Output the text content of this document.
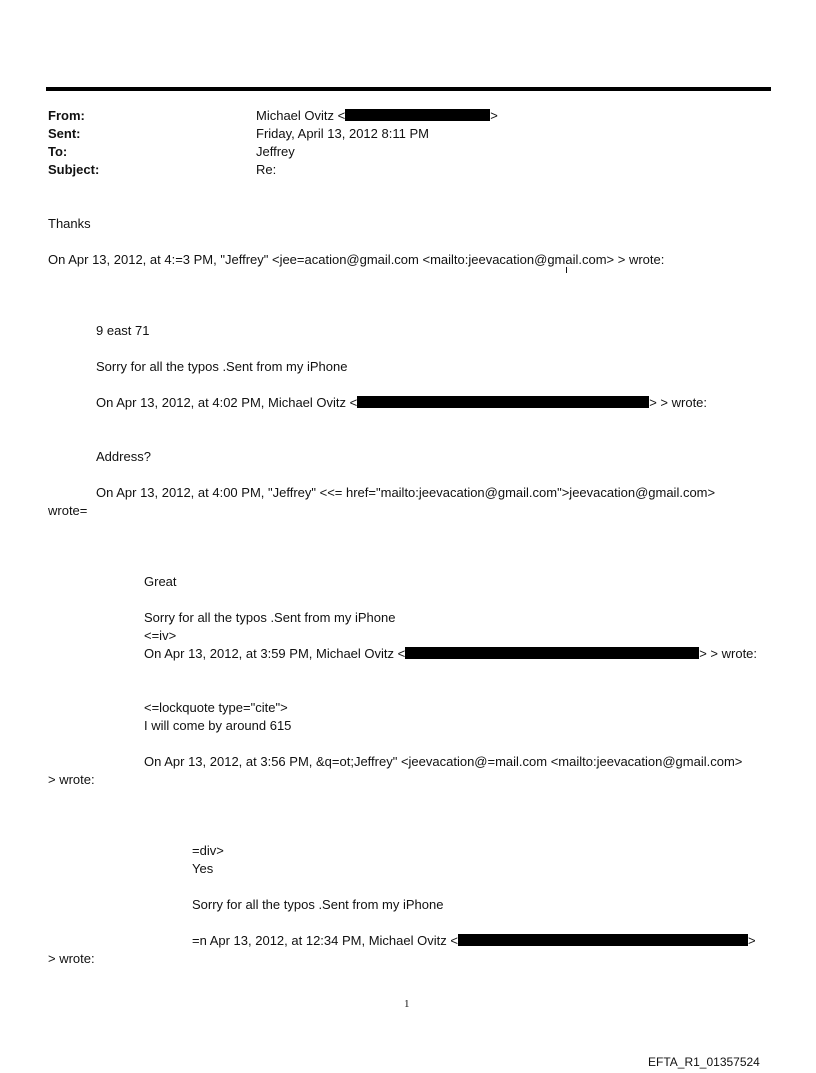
From:	Michael Ovitz <	>
Sent:	Friday, April 13, 2012 8:11 PM
To:	Jeffrey
Subject:	Re:
Thanks
On Apr 13, 2012, at 4:=3 PM, "Jeffrey" <jee=acation@gmail.com <mailto:jeevacation@gmail.com> > wrote:
9 east 71
Sorry for all the typos .Sent from my iPhone
On Apr 13, 2012, at 4:02 PM, Michael Ovitz <	> > wrote:
Address?
On Apr 13, 2012, at 4:00 PM, "Jeffrey" <<= href="mailto:jeevacation@gmail.com">jeevacation@gmail.com>
wrote=
Great
Sorry for all the typos .Sent from my iPhone
<=iv>
On Apr 13, 2012, at 3:59 PM, Michael Ovitz <	> > wrote:
<=lockquote type="cite">
I will come by around 615
On Apr 13, 2012, at 3:56 PM, &q=ot;Jeffrey" <jeevacation@=mail.com <mailto:jeevacation@gmail.com>
> wrote:
=div>
Yes
Sorry for all the typos .Sent from my iPhone
=n Apr 13, 2012, at 12:34 PM, Michael Ovitz <	>
> wrote:
1
EFTA_R1_01357524
